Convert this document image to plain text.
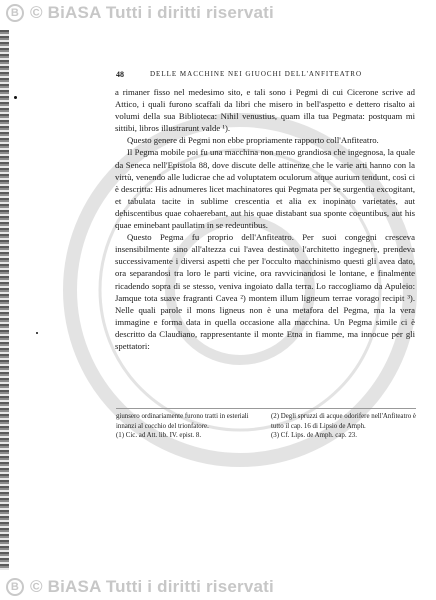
B © BiASA Tutti i diritti riservati
48	DELLE MACCHINE NEI GIUOCHI DELL'ANFITEATRO

a rimaner fisso nel medesimo sito, e tali sono i Pegmi di cui Cicerone scrive ad Attico, i quali furono scaffali da libri che misero in bell'aspetto e dettero risalto ai volumi della sua Biblioteca: Nihil venustius, quam illa tua Pegmata: postquam mi sittibi, libros illustrarunt valde ¹).

Questo genere di Pegmi non ebbe propriamente rapporto coll'Anfiteatro.

Il Pegma mobile poi fu una macchina non meno grandiosa che ingegnosa, la quale da Seneca nell'Epistola 88, dove discute delle attinenze che le varie arti hanno con la virtù, venendo alle ludicrae che ad voluptatem oculorum atque aurium tendunt, così ci è descritta: His adnumeres licet machinatores qui Pegmata per se surgentia excogitant, et tabulata tacite in sublime crescentia et alia ex inopinato varietates, aut dehiscentibus quae cohaerebant, aut his quae distabant sua sponte coeuntibus, aut his quae eminebant paullatim in se redeuntibus.

Questo Pegma fu proprio dell'Anfiteatro. Per suoi congegni cresceva insensibilmente sino all'altezza cui l'avea destinato l'architetto ingegnere, prendeva successivamente i diversi aspetti che per l'occulto macchinismo questi gli avea dato, ora separandosi tra loro le parti vicine, ora ravvicinandosi le lontane, e finalmente ricadendo sopra di se stesso, veniva ingoiato dalla terra. Lo raccogliamo da Apuleio: Jamque tota suave fragranti Cavea ²) montem illum ligneum terrae vorago recipit ³). Nelle quali parole il mons ligneus non è una metafora del Pegma, ma la vera immagine e forma data in quella occasione alla macchina. Un Pegma simile ci è descritto da Claudiano, rappresentante il monte Etna in fiamme, ma innocue per gli spettatori:

giunsero ordinariamente furono tratti in esteriali innanzi al cocchio del trionfatore.

(1) Cic. ad Att. lib. IV. epist. 8.

(2) Degli spruzzi di acque odorifere nell'Anfiteatro è tutto il cap. 16 di Lipsio de Amph.

(3) Cf. Lips. de Amph. cap. 23.

B © BiASA Tutti i diritti riservati
